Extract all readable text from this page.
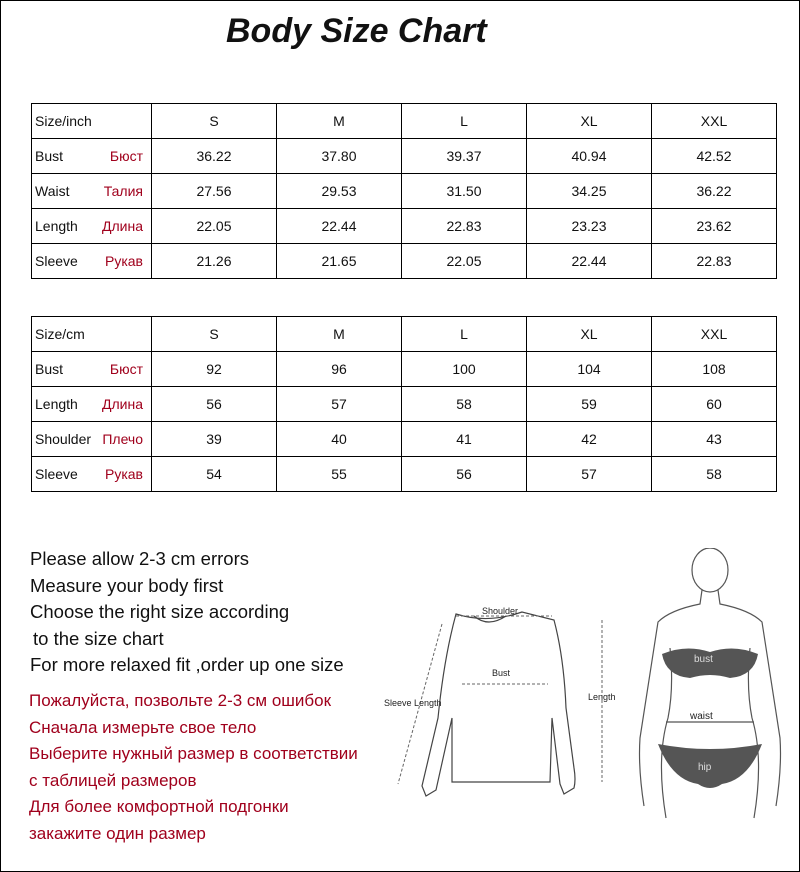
Body Size Chart
Size/inch	S	M	L	XL	XXL
Bust Бюст	36.22	37.80	39.37	40.94	42.52
Waist Талия	27.56	29.53	31.50	34.25	36.22
Length Длина	22.05	22.44	22.83	23.23	23.62
Sleeve Рукав	21.26	21.65	22.05	22.44	22.83
Size/cm	S	M	L	XL	XXL
Bust Бюст	92	96	100	104	108
Length Длина	56	57	58	59	60
Shoulder Плечо	39	40	41	42	43
Sleeve Рукав	54	55	56	57	58
Please allow 2-3 cm errors
Measure your body first
Choose the right size according
to the size chart
For more relaxed fit ,order up one size
Пожалуйста, позвольте 2-3 см ошибок
Сначала измерьте свое тело
Выберите нужный размер в соответствии
с таблицей размеров
Для более комфортной подгонки
закажите один размер
Shoulder
Bust
Sleeve Length
Length
bust
waist
hip
